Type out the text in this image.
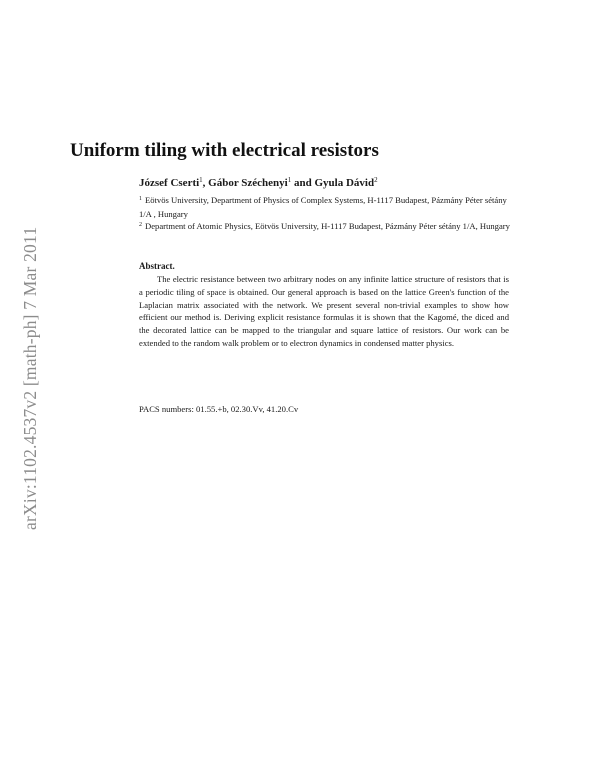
arXiv:1102.4537v2 [math-ph] 7 Mar 2011
Uniform tiling with electrical resistors
József Cserti$^1$, Gábor Széchenyi$^1$ and Gyula Dávid$^2$
$^1$ Eötvös University, Department of Physics of Complex Systems, H-1117 Budapest, Pázmány Péter sétány 1/A , Hungary
$^2$ Department of Atomic Physics, Eötvös University, H-1117 Budapest, Pázmány Péter sétány 1/A, Hungary
Abstract.

The electric resistance between two arbitrary nodes on any infinite lattice structure of resistors that is a periodic tiling of space is obtained. Our general approach is based on the lattice Green's function of the Laplacian matrix associated with the network. We present several non-trivial examples to show how efficient our method is. Deriving explicit resistance formulas it is shown that the Kagomé, the diced and the decorated lattice can be mapped to the triangular and square lattice of resistors. Our work can be extended to the random walk problem or to electron dynamics in condensed matter physics.

PACS numbers: 01.55.+b, 02.30.Vv, 41.20.Cv
